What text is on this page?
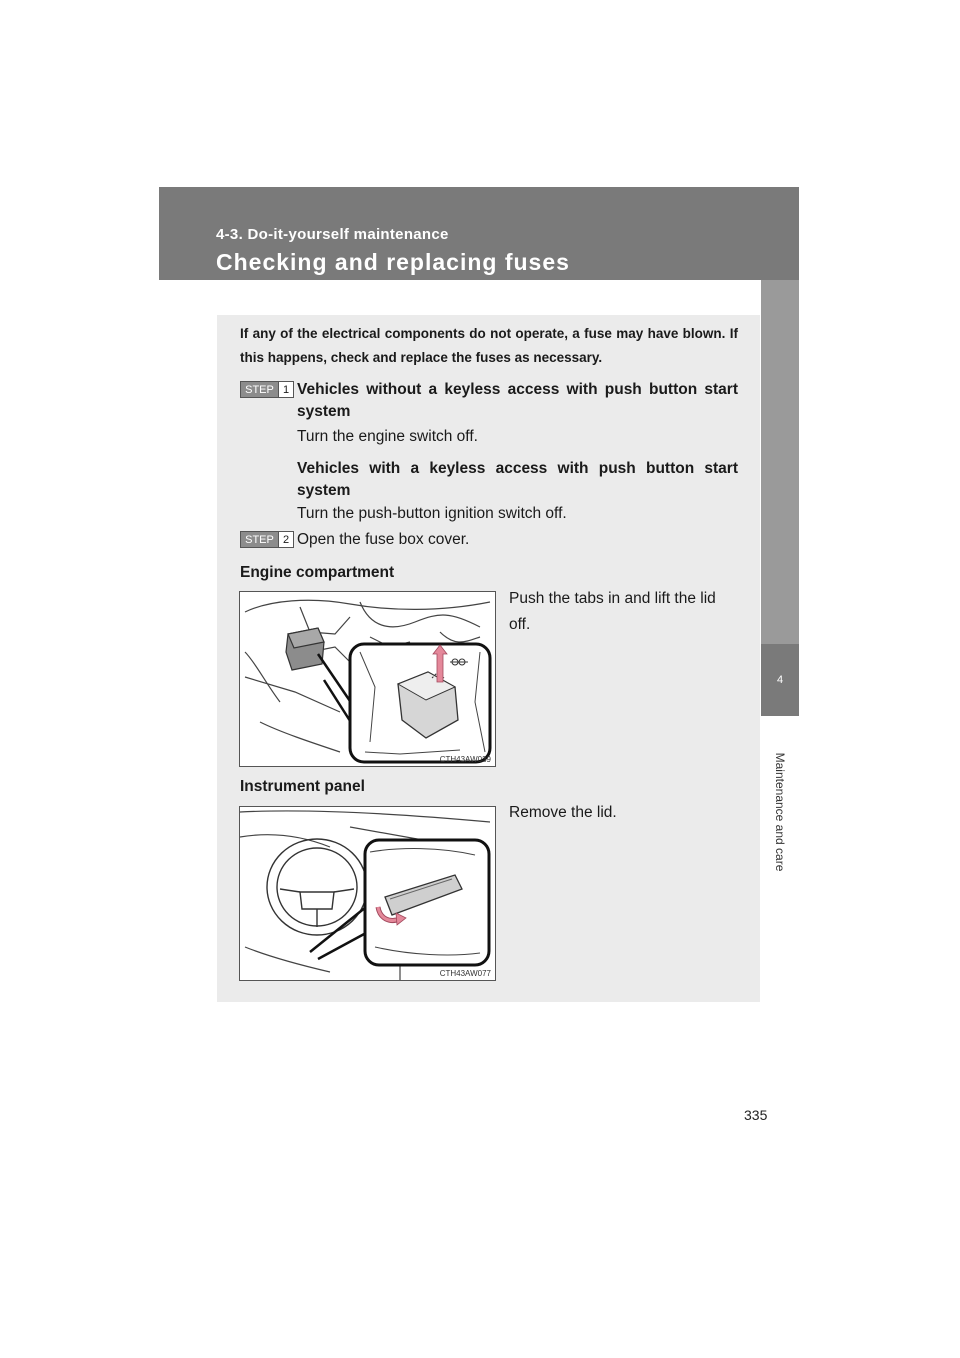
4-3. Do-it-yourself maintenance
Checking and replacing fuses
4
Maintenance and care
If any of the electrical components do not operate, a fuse may have blown. If this happens, check and replace the fuses as necessary.
STEP 1 Vehicles without a keyless access with push button start system
Turn the engine switch off.
Vehicles with a keyless access with push button start system
Turn the push-button ignition switch off.
STEP 2 Open the fuse box cover.
Engine compartment
CTH43AW039
Push the tabs in and lift the lid off.
Instrument panel
CTH43AW077
Remove the lid.
335
